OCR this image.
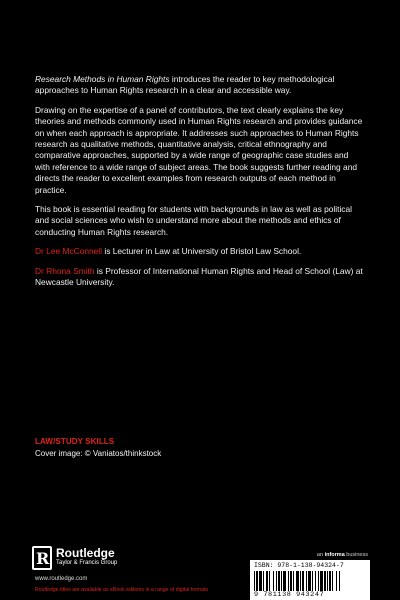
Research Methods in Human Rights introduces the reader to key methodological approaches to Human Rights research in a clear and accessible way.

Drawing on the expertise of a panel of contributors, the text clearly explains the key theories and methods commonly used in Human Rights research and provides guidance on when each approach is appropriate. It addresses such approaches to Human Rights research as qualitative methods, quantitative analysis, critical ethnography and comparative approaches, supported by a wide range of geographic case studies and with reference to a wide range of subject areas. The book suggests further reading and directs the reader to excellent examples from research outputs of each method in practice.

This book is essential reading for students with backgrounds in law as well as political and social sciences who wish to understand more about the methods and ethics of conducting Human Rights research.

Dr Lee McConnell is Lecturer in Law at University of Bristol Law School.

Dr Rhona Smith is Professor of International Human Rights and Head of School (Law) at Newcastle University.

LAW/STUDY SKILLS
Cover image: © Vaniatos/thinkstock
R Routledge
Taylor & Francis Group
www.routledge.com
Routledge titles are available as eBook editions in a range of digital formats
an informa business
ISBN: 978-1-138-94324-7
9 781138 943247
